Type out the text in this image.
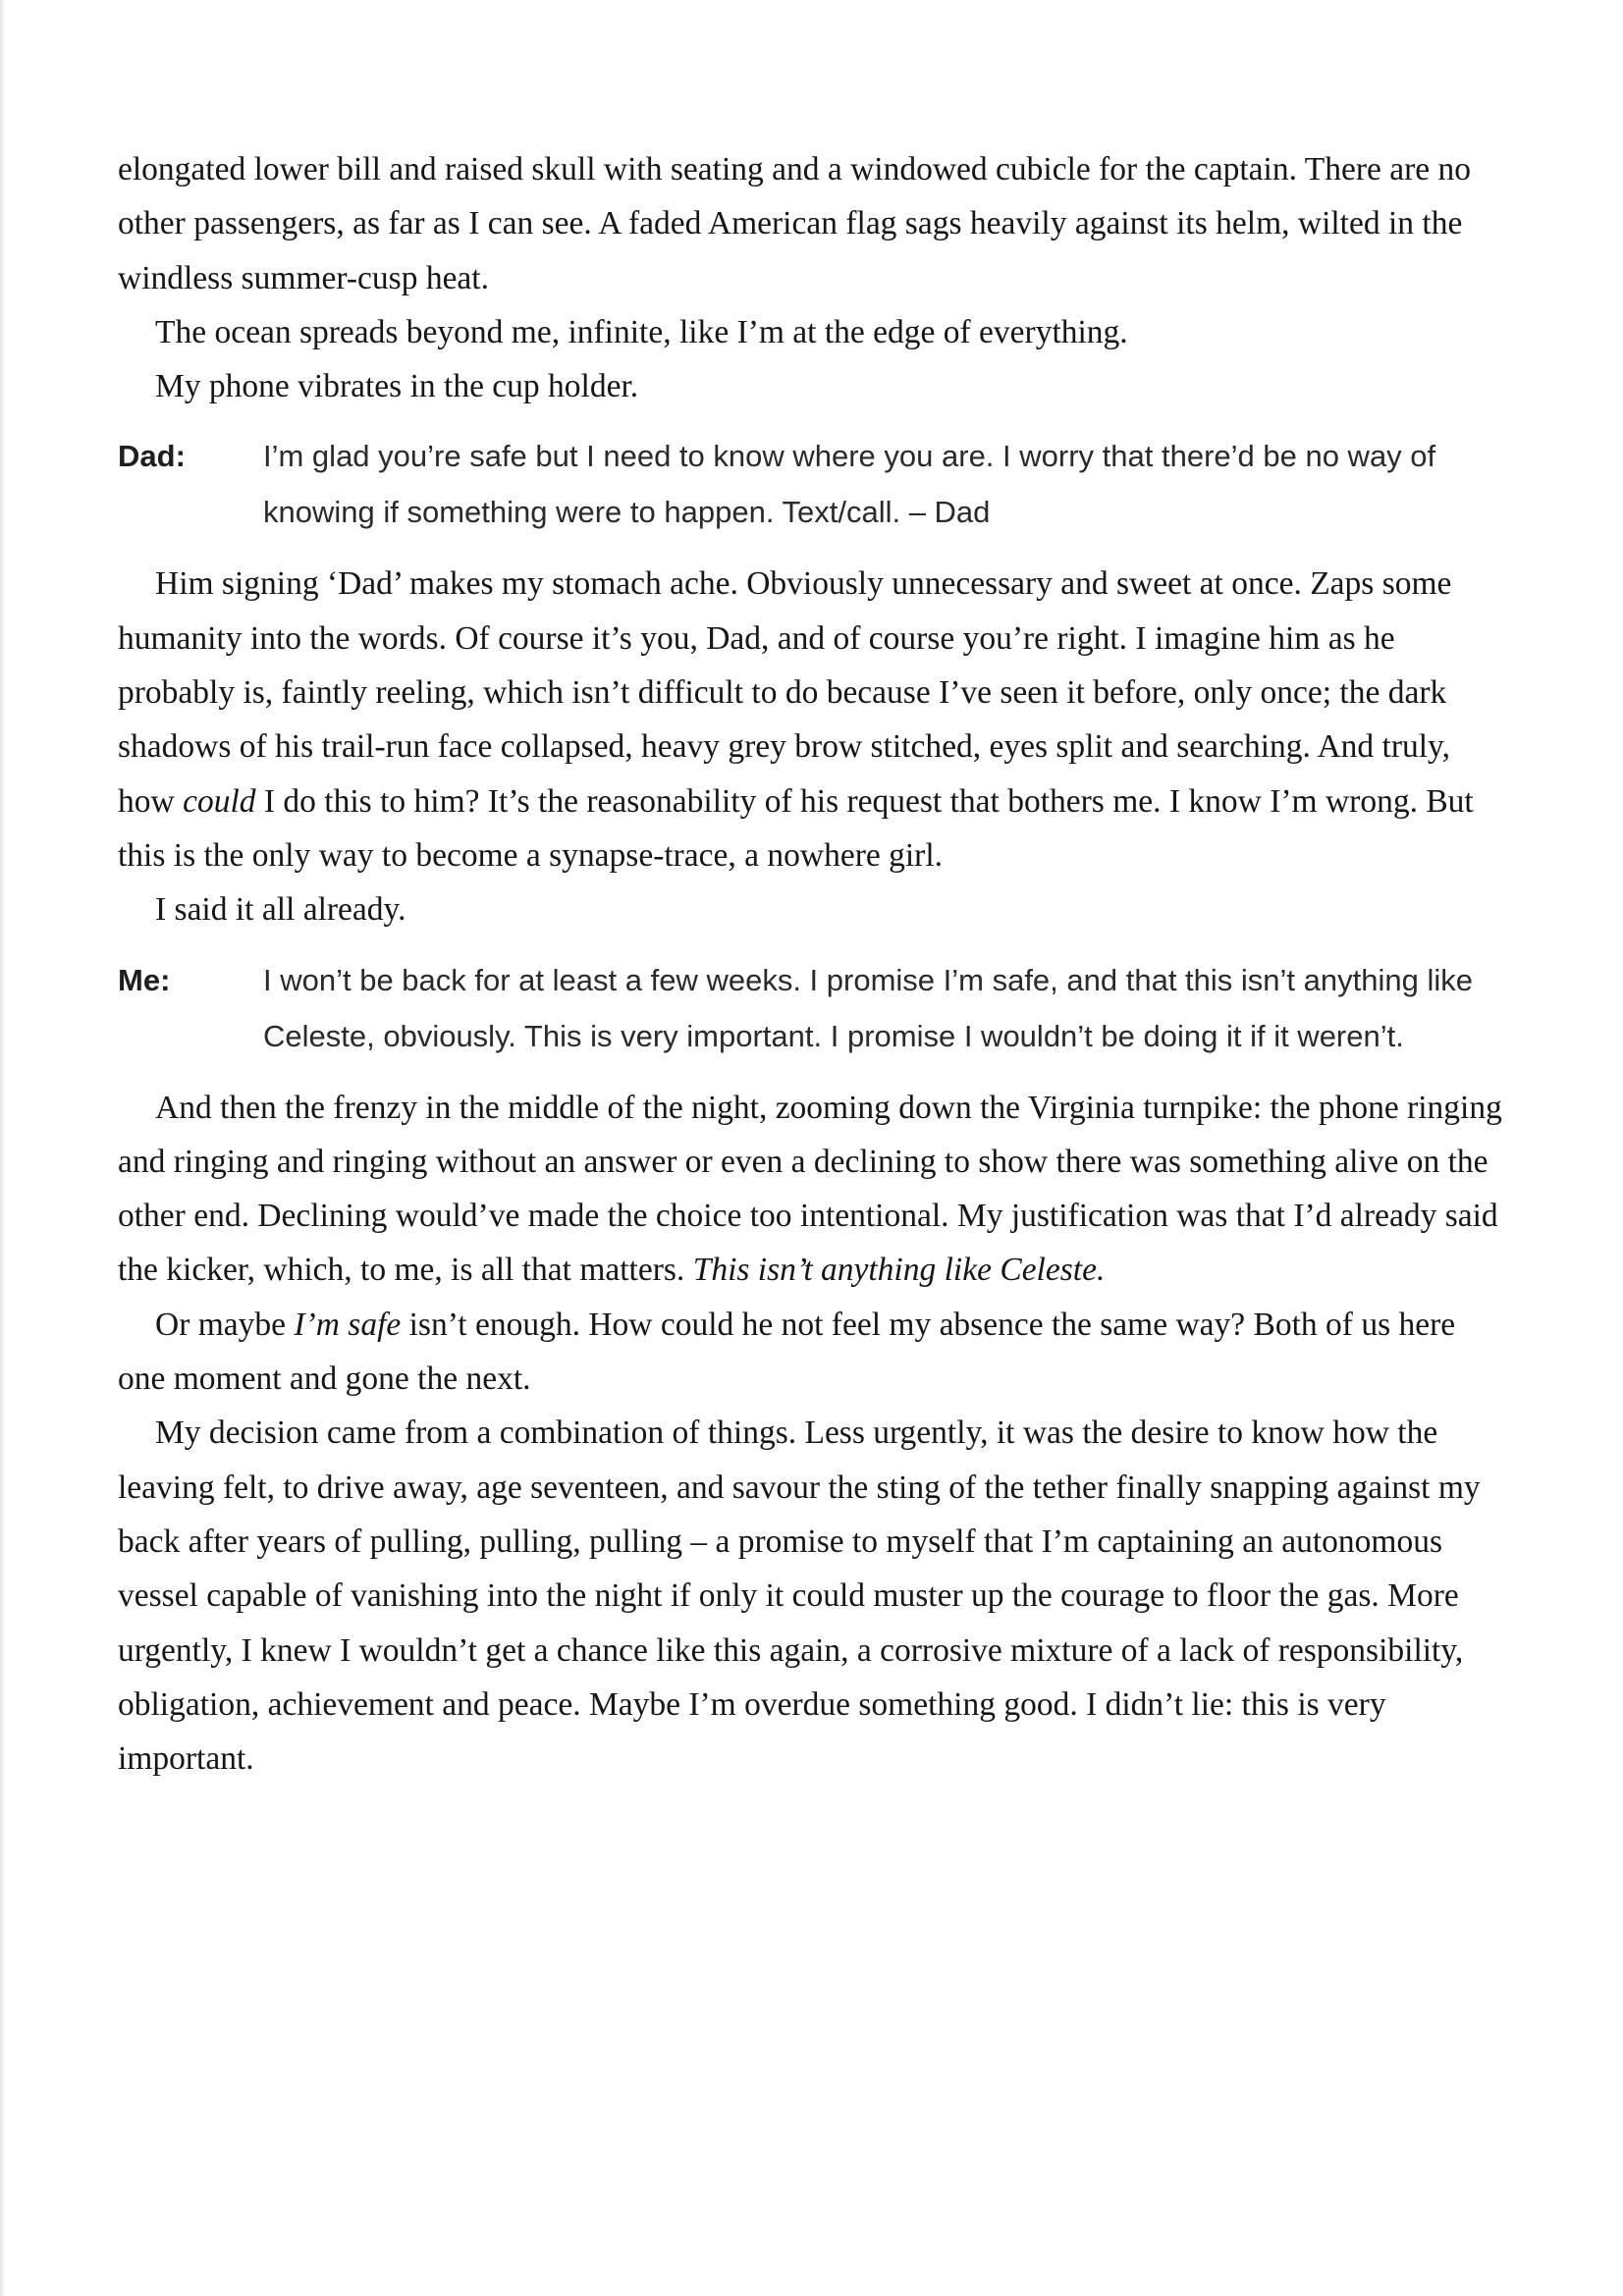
elongated lower bill and raised skull with seating and a windowed cubicle for the captain. There are no other passengers, as far as I can see. A faded American flag sags heavily against its helm, wilted in the windless summer-cusp heat.

The ocean spreads beyond me, infinite, like I’m at the edge of everything.

My phone vibrates in the cup holder.

Dad:	I’m glad you’re safe but I need to know where you are. I worry that there’d be no way of knowing if something were to happen. Text/call. – Dad

Him signing ‘Dad’ makes my stomach ache. Obviously unnecessary and sweet at once. Zaps some humanity into the words. Of course it’s you, Dad, and of course you’re right. I imagine him as he probably is, faintly reeling, which isn’t difficult to do because I’ve seen it before, only once; the dark shadows of his trail-run face collapsed, heavy grey brow stitched, eyes split and searching. And truly, how could I do this to him? It’s the reasonability of his request that bothers me. I know I’m wrong. But this is the only way to become a synapse-trace, a nowhere girl.

I said it all already.

Me:	I won’t be back for at least a few weeks. I promise I’m safe, and that this isn’t anything like Celeste, obviously. This is very important. I promise I wouldn’t be doing it if it weren’t.

And then the frenzy in the middle of the night, zooming down the Virginia turnpike: the phone ringing and ringing and ringing without an answer or even a declining to show there was something alive on the other end. Declining would’ve made the choice too intentional. My justification was that I’d already said the kicker, which, to me, is all that matters. This isn’t anything like Celeste.

Or maybe I’m safe isn’t enough. How could he not feel my absence the same way? Both of us here one moment and gone the next.

My decision came from a combination of things. Less urgently, it was the desire to know how the leaving felt, to drive away, age seventeen, and savour the sting of the tether finally snapping against my back after years of pulling, pulling, pulling – a promise to myself that I’m captaining an autonomous vessel capable of vanishing into the night if only it could muster up the courage to floor the gas. More urgently, I knew I wouldn’t get a chance like this again, a corrosive mixture of a lack of responsibility, obligation, achievement and peace. Maybe I’m overdue something good. I didn’t lie: this is very important.
